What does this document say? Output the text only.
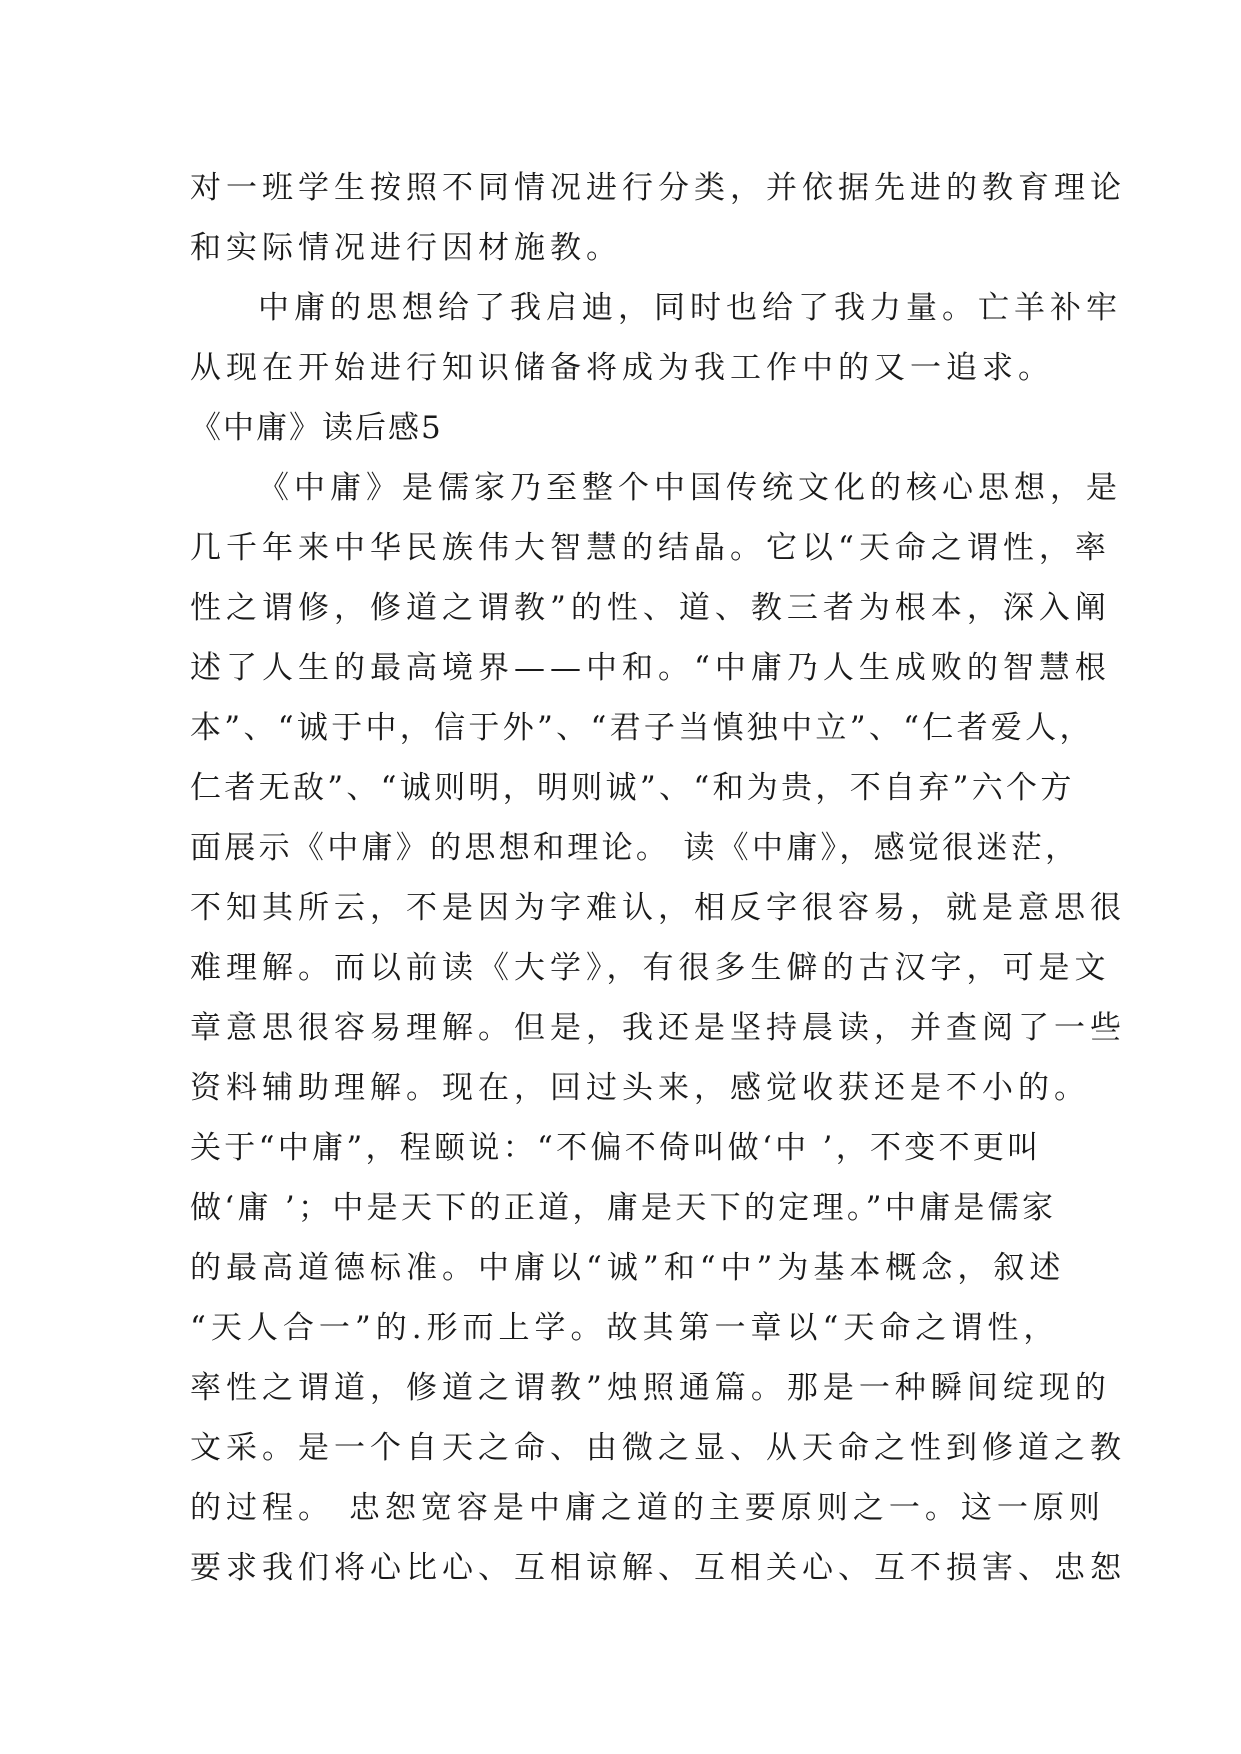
对一班学生按照不同情况进行分类，并依据先进的教育理论
和实际情况进行因材施教。
中庸的思想给了我启迪，同时也给了我力量。亡羊补牢
从现在开始进行知识储备将成为我工作中的又一追求。
《中庸》读后感5
《中庸》是儒家乃至整个中国传统文化的核心思想，是
几千年来中华民族伟大智慧的结晶。它以“天命之谓性，率
性之谓修，修道之谓教”的性、道、教三者为根本，深入阐
述了人生的最高境界——中和。“中庸乃人生成败的智慧根
本”、“诚于中，信于外”、“君子当慎独中立”、“仁者爱人，
仁者无敌”、“诚则明，明则诚”、“和为贵，不自弃”六个方
面展示《中庸》的思想和理论。 读《中庸》，感觉很迷茫，
不知其所云，不是因为字难认，相反字很容易，就是意思很
难理解。而以前读《大学》，有很多生僻的古汉字，可是文
章意思很容易理解。但是，我还是坚持晨读，并查阅了一些
资料辅助理解。现在，回过头来，感觉收获还是不小的。
关于“中庸”，程颐说：“不偏不倚叫做‘中 ’，不变不更叫
做‘庸 ’；中是天下的正道，庸是天下的定理。”中庸是儒家
的最高道德标准。中庸以“诚”和“中”为基本概念，叙述
“天人合一”的.形而上学。故其第一章以“天命之谓性，
率性之谓道，修道之谓教”烛照通篇。那是一种瞬间绽现的
文采。是一个自天之命、由微之显、从天命之性到修道之教
的过程。 忠恕宽容是中庸之道的主要原则之一。这一原则
要求我们将心比心、互相谅解、互相关心、互不损害、忠恕
